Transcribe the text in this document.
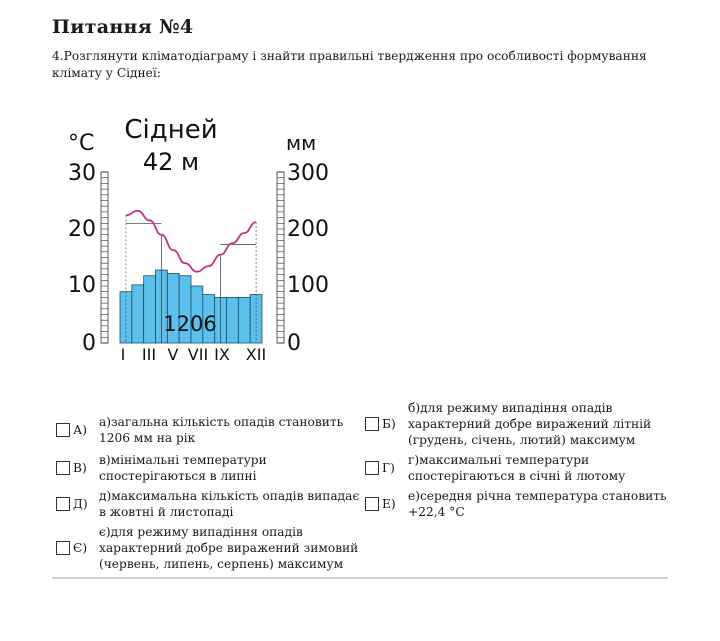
Питання №4
4.Розглянути кліматодіаграму і знайти правильні твердження про особливості формування клімату у Сіднеї:
Сідней
42 м
°C	мм
30
20
10
0
300
200
100
0
1206
I III V VII IX XII
А)
а)загальна кількість опадів становить 1206 мм на рік
Б)
б)для режиму випадіння опадів характерний добре виражений літній (грудень, січень, лютий) максимум
В)
в)мінімальні температури спостерігаються в липні
Г)
г)максимальні температури спостерігаються в січні й лютому
Д)
д)максимальна кількість опадів випадає в жовтні й листопаді
Е)
е)середня річна температура становить +22,4 °С
Є)
є)для режиму випадіння опадів характерний добре виражений зимовий (червень, липень, серпень) максимум
